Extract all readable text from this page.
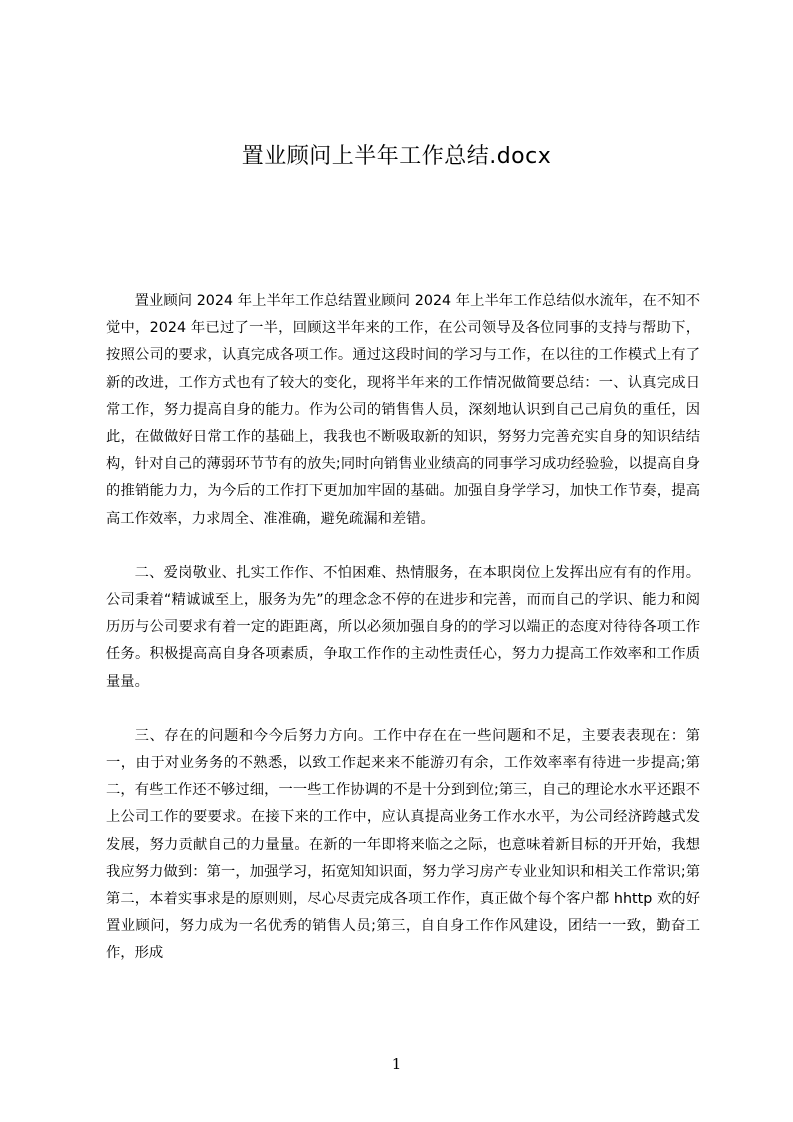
置业顾问上半年工作总结.docx

置业顾问 2024 年上半年工作总结置业顾问 2024 年上半年工作总结似水流年，在不知不觉中，2024 年已过了一半，回顾这半年来的工作，在公司领导及各位同事的支持与帮助下，按照公司的要求，认真完成各项工作。通过这段时间的学习与工作，在以往的工作模式上有了新的改进，工作方式也有了较大的变化，现将半年来的工作情况做简要总结：一、认真完成日常工作，努力提高自身的能力。作为公司的销售售人员，深刻地认识到自己己肩负的重任，因此，在做做好日常工作的基础上，我我也不断吸取新的知识，努努力完善充实自身的知识结结构，针对自己的薄弱环节节有的放失;同时向销售业业绩高的同事学习成功经验验，以提高自身的推销能力力，为今后的工作打下更加加牢固的基础。加强自身学学习，加快工作节奏，提高高工作效率，力求周全、准准确，避免疏漏和差错。

二、爱岗敬业、扎实工作作、不怕困难、热情服务，在本职岗位上发挥出应有有的作用。公司秉着“精诚诚至上，服务为先”的理念念不停的在进步和完善，而而自己的学识、能力和阅历历与公司要求有着一定的距距离，所以必须加强自身的的学习以端正的态度对待待各项工作任务。积极提高高自身各项素质，争取工作作的主动性责任心，努力力提高工作效率和工作质量量。

三、存在的问题和今今后努力方向。工作中存在在一些问题和不足，主要表表现在：第一，由于对业务务的不熟悉，以致工作起来来不能游刃有余，工作效率率有待进一步提高;第二，有些工作还不够过细，一一些工作协调的不是十分到到位;第三，自己的理论水水平还跟不上公司工作的要要求。在接下来的工作中，应认真提高业务工作水水平，为公司经济跨越式发发展，努力贡献自己的力量量。在新的一年即将来临之之际，也意味着新目标的开开始，我想我应努力做到：第一，加强学习，拓宽知知识面，努力学习房产专业业知识和相关工作常识;第第二，本着实事求是的原则则，尽心尽责完成各项工作作，真正做个每个客户都 hhttp 欢的好置业顾问，努力成为一名优秀的销售人员;第三，自自身工作作风建设，团结一一致，勤奋工作，形成

1
